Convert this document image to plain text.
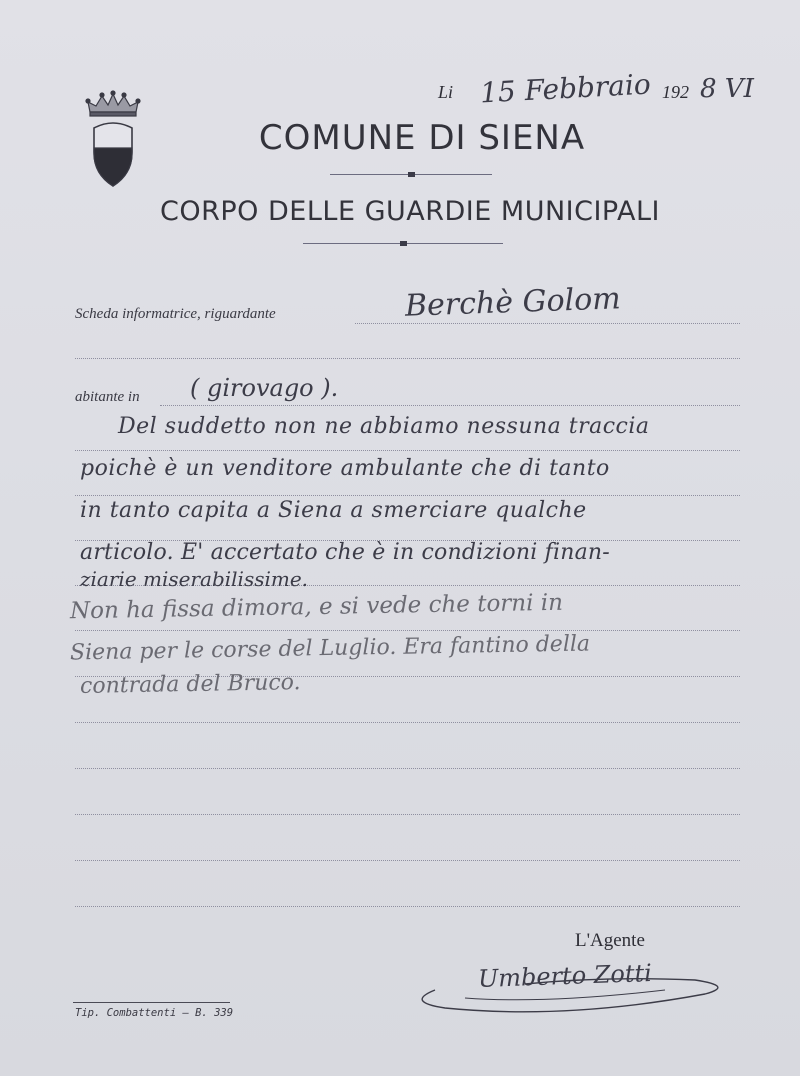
Li 15 Febbraio 192 8 VI
COMUNE DI SIENA
CORPO DELLE GUARDIE MUNICIPALI
Scheda informatrice, riguardante	Berchè Golom
abitante in ( girovago ).
Del suddetto non ne abbiamo nessuna traccia
poichè è un venditore ambulante che di tanto
in tanto capita a Siena a smerciare qualche
articolo. E' accertato che è in condizioni finan-
ziarie miserabilissime.
Non ha fissa dimora, e si vede che torni in
Siena per le corse del Luglio. Era fantino della
contrada del Bruco.
L'Agente
Umberto Zotti
Tip. Combattenti — B. 339
